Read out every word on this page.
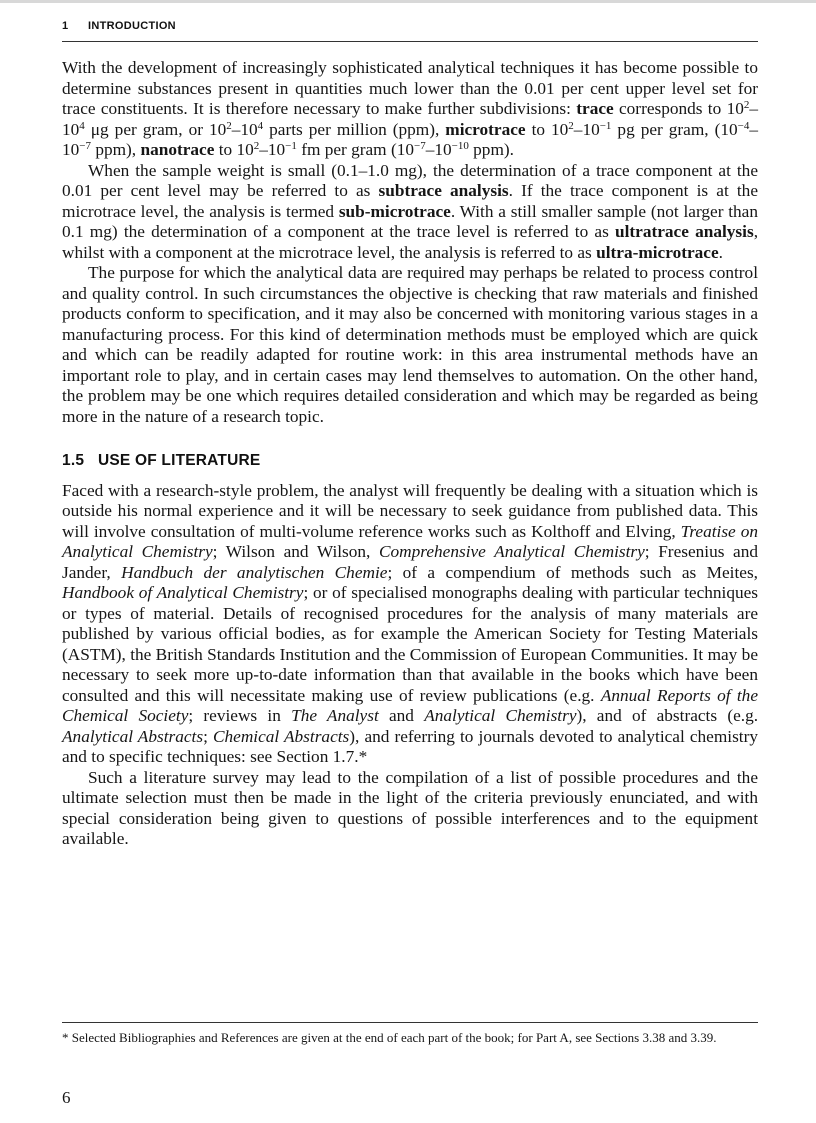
1 INTRODUCTION

With the development of increasingly sophisticated analytical techniques it has become possible to determine substances present in quantities much lower than the 0.01 per cent upper level set for trace constituents. It is therefore necessary to make further subdivisions: trace corresponds to $10^2-10^4$ μg per gram, or $10^2-10^4$ parts per million (ppm), microtrace to $10^2-10^{-1}$ pg per gram, ($10^{-4}-10^{-7}$ ppm), nanotrace to $10^2-10^{-1}$ fm per gram ($10^{-7}-10^{-10}$ ppm).

When the sample weight is small (0.1–1.0 mg), the determination of a trace component at the 0.01 per cent level may be referred to as subtrace analysis. If the trace component is at the microtrace level, the analysis is termed sub-microtrace. With a still smaller sample (not larger than 0.1 mg) the determination of a component at the trace level is referred to as ultratrace analysis, whilst with a component at the microtrace level, the analysis is referred to as ultra-microtrace.

The purpose for which the analytical data are required may perhaps be related to process control and quality control. In such circumstances the objective is checking that raw materials and finished products conform to specification, and it may also be concerned with monitoring various stages in a manufacturing process. For this kind of determination methods must be employed which are quick and which can be readily adapted for routine work: in this area instrumental methods have an important role to play, and in certain cases may lend themselves to automation. On the other hand, the problem may be one which requires detailed consideration and which may be regarded as being more in the nature of a research topic.

1.5 USE OF LITERATURE

Faced with a research-style problem, the analyst will frequently be dealing with a situation which is outside his normal experience and it will be necessary to seek guidance from published data. This will involve consultation of multi-volume reference works such as Kolthoff and Elving, Treatise on Analytical Chemistry; Wilson and Wilson, Comprehensive Analytical Chemistry; Fresenius and Jander, Handbuch der analytischen Chemie; of a compendium of methods such as Meites, Handbook of Analytical Chemistry; or of specialised monographs dealing with particular techniques or types of material. Details of recognised procedures for the analysis of many materials are published by various official bodies, as for example the American Society for Testing Materials (ASTM), the British Standards Institution and the Commission of European Communities. It may be necessary to seek more up-to-date information than that available in the books which have been consulted and this will necessitate making use of review publications (e.g. Annual Reports of the Chemical Society; reviews in The Analyst and Analytical Chemistry), and of abstracts (e.g. Analytical Abstracts; Chemical Abstracts), and referring to journals devoted to analytical chemistry and to specific techniques: see Section 1.7.*

Such a literature survey may lead to the compilation of a list of possible procedures and the ultimate selection must then be made in the light of the criteria previously enunciated, and with special consideration being given to questions of possible interferences and to the equipment available.

* Selected Bibliographies and References are given at the end of each part of the book; for Part A, see Sections 3.38 and 3.39.
6
